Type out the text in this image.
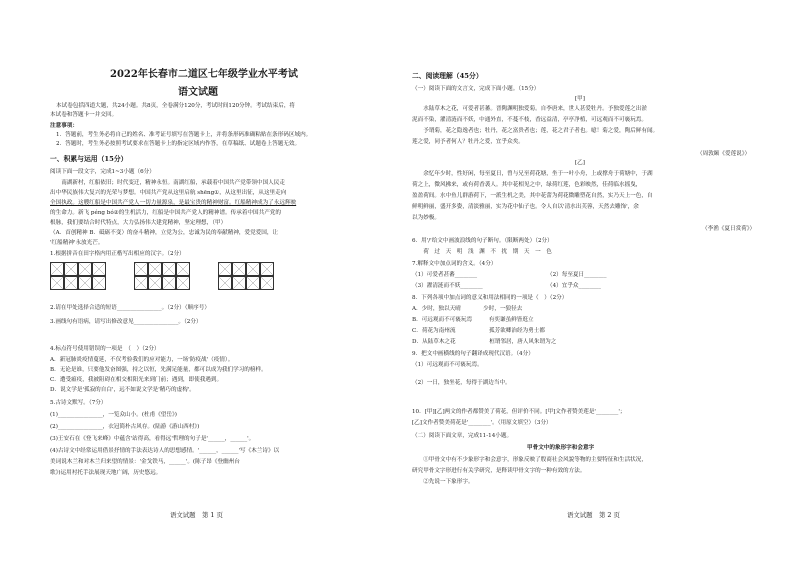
2022年长春市二道区七年级学业水平考试
语文试题
本试卷包括四道大题，共24小题。共8页，全卷满分120分，考试时间120分钟。考试结束后，将
本试卷和答题卡一并交回。
注意事项：
1．答题前，考生务必将自己的姓名、准考证号填写在答题卡上，并将条形码准确粘贴在条形码区域内。
2．答题时，考生务必按照考试要求在答题卡上的指定区域内作答，在草稿纸、试题卷上答题无效。
一、积累与运用（15分）
阅读下面一段文字，完成1~3小题（6分）
　　南湖新村，红船依旧；时代变迁，精神永恒。南湖红船，承载着中国共产党带领中国人民走
出中华民族伟大复兴的光荣与梦想。中国共产党从这里启航 shēng①，从这里出征，从这里走向
全国执政。这艘红船是中国共产党人一切力量源泉，是最宝贵的精神财富。红船精神成为了永远辉映
的生命力。新飞 péng bó②的生机活力，红船是中国共产党人的精神谱。传承着中国共产党的
根脉，我们要结合时代特点，大力弘扬伟大建党精神，坚定理想，（甲）
（A．首创精神 B．砥砺不变）的奋斗精神，立党为公，忠诚为民的奉献精神，爱党爱国，让
'红船精神'永放光芒。
1.根据拼音在田字格内用正楷写出相应的汉字。（2分）
2.请在甲处选择合适的短语________________。（2分）（顺序号）
3.画线句有语病，请写出修改意见________________。（2分）
4.标点符号使用错误的一项是　（　）（2分）
A．新冠肺炎疫情蔓延，不仅考验我们的应对能力，一场'防疫战'（疫情）。
B．无论是谁，只要他发奋图强，持之以恒，先满足能量，都可以成为我们学习的榜样。
C．遭受瘟疫，我被阻碍在相交相阳光来到门前；遇到，即使我遇到。
D．说文学是'孤寂的自白'，远不如说文学是'精巧的虚构'。
5.古诗文默写。（7分）
(1)________________，一览众山小。(杜甫《望岳》)
(2)________________，衣冠简朴古风存。(陆游《游山西村》)
(3)王安石在《登飞来峰》中蕴含'站得高，看得远'哲理的句子是'______，______'。
(4)古诗文中经常运用借景抒情的手法表达诗人的思想感情。'______，______'写《木兰诗》以
美词说木兰和对木兰归来望的情景：'金戈铁马，______'。(陈子昂《登幽州台
歌》)运用衬托手法展现天地广阔，历史悠远。
语文试题　第 1 页
二、阅读理解（45分）
（一）阅读下面的文言文，完成下面小题。（15分）
[甲]
　　水陆草木之花，可爱者甚蕃。晋陶渊明独爱菊。自李唐来，世人甚爱牡丹。予独爱莲之出淤
泥而不染，濯清涟而不妖，中通外直，不蔓不枝，香远益清，亭亭净植，可远观而不可亵玩焉。
　　予谓菊，花之隐逸者也；牡丹，花之富贵者也；莲，花之君子者也。噫！菊之爱，陶后鲜有闻。
莲之爱，同予者何人？牡丹之爱，宜乎众矣。
（周敦颐《爱莲说》）
[乙]
　　余忆年少时，性好闲，每至夏日，曾与兄至荷花塘，坐于一叶小舟，上或撑舟于荷塘中，于湖
荷之上，微风拂来，或有荷香袭人。其中花相见之中，绿荷红莲，色彩映然，佳荷临水摇曳，
盈盈荷间。水中鱼儿群游荷下，一派生机之美，其中花蕾为荷花微雕塑花自然，实乃天上一色，自
鲜明鲜丽，盛开多姿，清淡雅丽，实为花中仙子也。令人自以'清水出芙蓉，天然去雕饰'，余
以为妙极。
（李渔《夏日赏荷》）
6．用'/'给文中画波浪线的句子断句。（限断两处）（2分）
　　荷　过　天　明　浅　渊　不　扰　期　天　一　色
7.解释文中加点词的含义。（4分）
（1）可爱者甚蕃________	（2）每至夏日________
（3）濯清涟而不妖________	（4）宜乎众________
8．下列各项中加点词的意义和用法相同的一项是（　）（2分）
A．少时，独以天晴　　　　少时，一狼径去
B．可远观而不可亵玩焉　　　有奕谦虽鲜皆逛立
C．荷花为南州流　　　　　　孤芳欲卿治经为勇士都
D．从陆草木之花　　　　　　桓谓邻居，唐人风朱谓为之
9．把文中画横线的句子翻译成现代汉语。（4分）
（1）可远观而不可亵玩焉。
（2）一日，独坐花，每得于湖边当中。
10．[甲][乙]两文的作者都赞美了荷花，但评价不同。[甲]文作者赞美莲是'________'；
[乙]文作者赞美荷花是'________'。（用原文填空）（3分）
（二）阅读下面文章，完成11-14小题。
甲骨文中的象形字和会意字
　　①甲骨文中有不少象形字和会意字，形象反映了殷商社会风貌等物的主要特征和生活状况，
研究甲骨文字形进行有关学研究，是释读甲骨文字的一种有效的方法。
　　②先说一下象形字。
语文试题　第 2 页
